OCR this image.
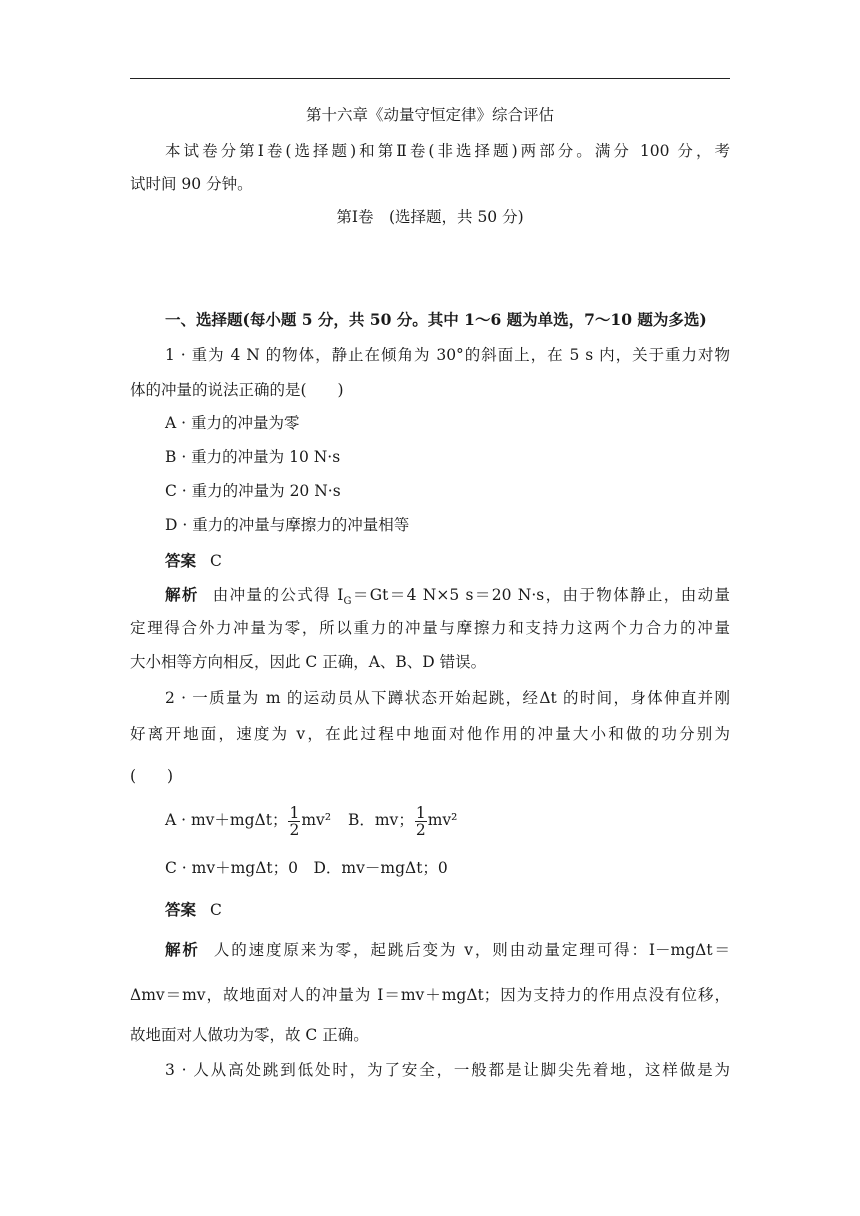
第十六章《动量守恒定律》综合评估
本试卷分第Ⅰ卷(选择题)和第Ⅱ卷(非选择题)两部分。满分 100 分，考
试时间 90 分钟。
第Ⅰ卷　(选择题，共 50 分)
一、选择题(每小题 5 分，共 50 分。其中 1～6 题为单选，7～10 题为多选)
1 · 重为 4 N 的物体，静止在倾角为 30°的斜面上，在 5 s 内，关于重力对物
体的冲量的说法正确的是(　　)
A · 重力的冲量为零
B · 重力的冲量为 10 N·s
C · 重力的冲量为 20 N·s
D · 重力的冲量与摩擦力的冲量相等
答案 C
解析 由冲量的公式得 $I_G=Gt=4$ N×5 s＝20 N·s，由于物体静止，由动量
定理得合外力冲量为零，所以重力的冲量与摩擦力和支持力这两个力合力的冲量
大小相等方向相反，因此 C 正确，A、B、D 错误。
2 · 一质量为 m 的运动员从下蹲状态开始起跳，经Δt 的时间，身体伸直并刚
好离开地面，速度为 v，在此过程中地面对他作用的冲量大小和做的功分别为
(　　)
A · mv＋mgΔt； $\frac{1}{2} mv^2$ B．mv； $\frac{1}{2} mv^2$
C · mv＋mgΔt；0　D．mv－mgΔt；0
答案 C
解析 人的速度原来为零，起跳后变为 v，则由动量定理可得：I－mgΔt＝
Δmv＝mv，故地面对人的冲量为 I＝mv＋mgΔt；因为支持力的作用点没有位移，
故地面对人做功为零，故 C 正确。
3 · 人从高处跳到低处时，为了安全，一般都是让脚尖先着地，这样做是为
